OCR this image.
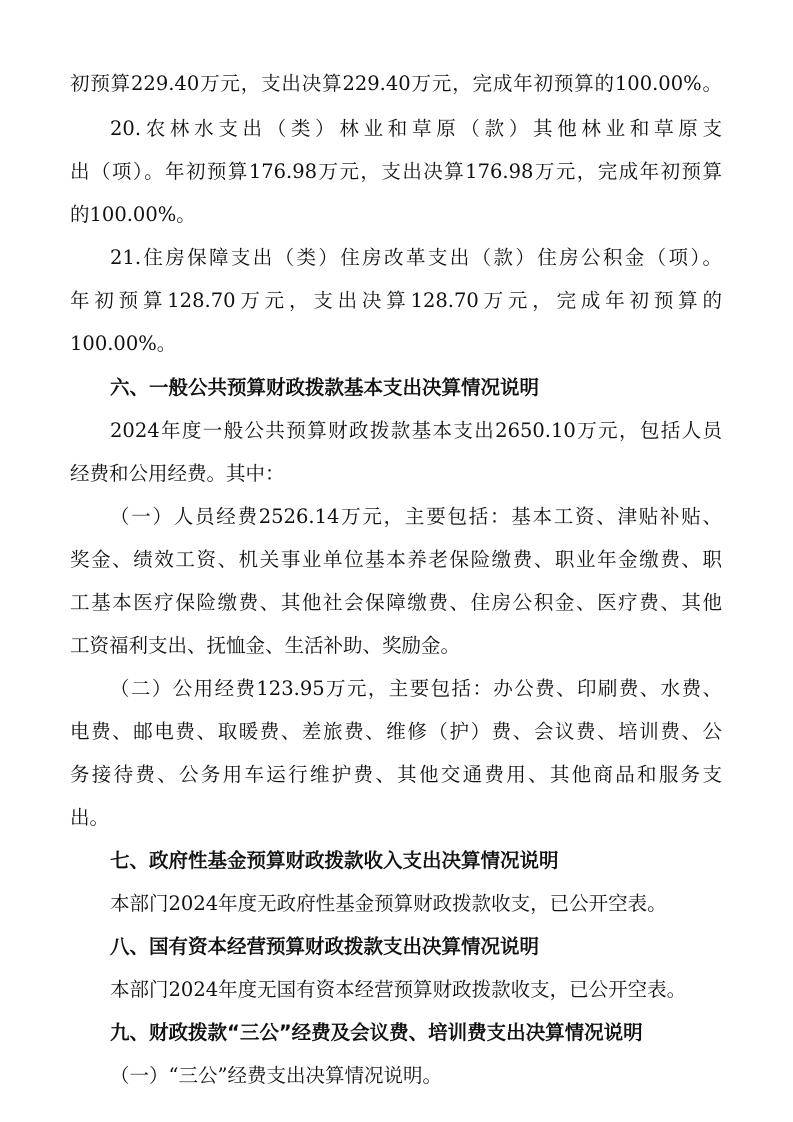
初预算229.40万元，支出决算229.40万元，完成年初预算的100.00%。
20.农林水支出（类）林业和草原（款）其他林业和草原支
出（项）。年初预算176.98万元，支出决算176.98万元，完成年初预算
的100.00%。
21.住房保障支出（类）住房改革支出（款）住房公积金（项）。
年初预算128.70万元，支出决算128.70万元，完成年初预算的
100.00%。
六、一般公共预算财政拨款基本支出决算情况说明
2024年度一般公共预算财政拨款基本支出2650.10万元，包括人员
经费和公用经费。其中：
（一）人员经费2526.14万元，主要包括：基本工资、津贴补贴、
奖金、绩效工资、机关事业单位基本养老保险缴费、职业年金缴费、职
工基本医疗保险缴费、其他社会保障缴费、住房公积金、医疗费、其他
工资福利支出、抚恤金、生活补助、奖励金。
（二）公用经费123.95万元，主要包括：办公费、印刷费、水费、
电费、邮电费、取暖费、差旅费、维修（护）费、会议费、培训费、公
务接待费、公务用车运行维护费、其他交通费用、其他商品和服务支
出。
七、政府性基金预算财政拨款收入支出决算情况说明
本部门2024年度无政府性基金预算财政拨款收支，已公开空表。
八、国有资本经营预算财政拨款支出决算情况说明
本部门2024年度无国有资本经营预算财政拨款收支，已公开空表。
九、财政拨款“三公”经费及会议费、培训费支出决算情况说明
（一）“三公”经费支出决算情况说明。
